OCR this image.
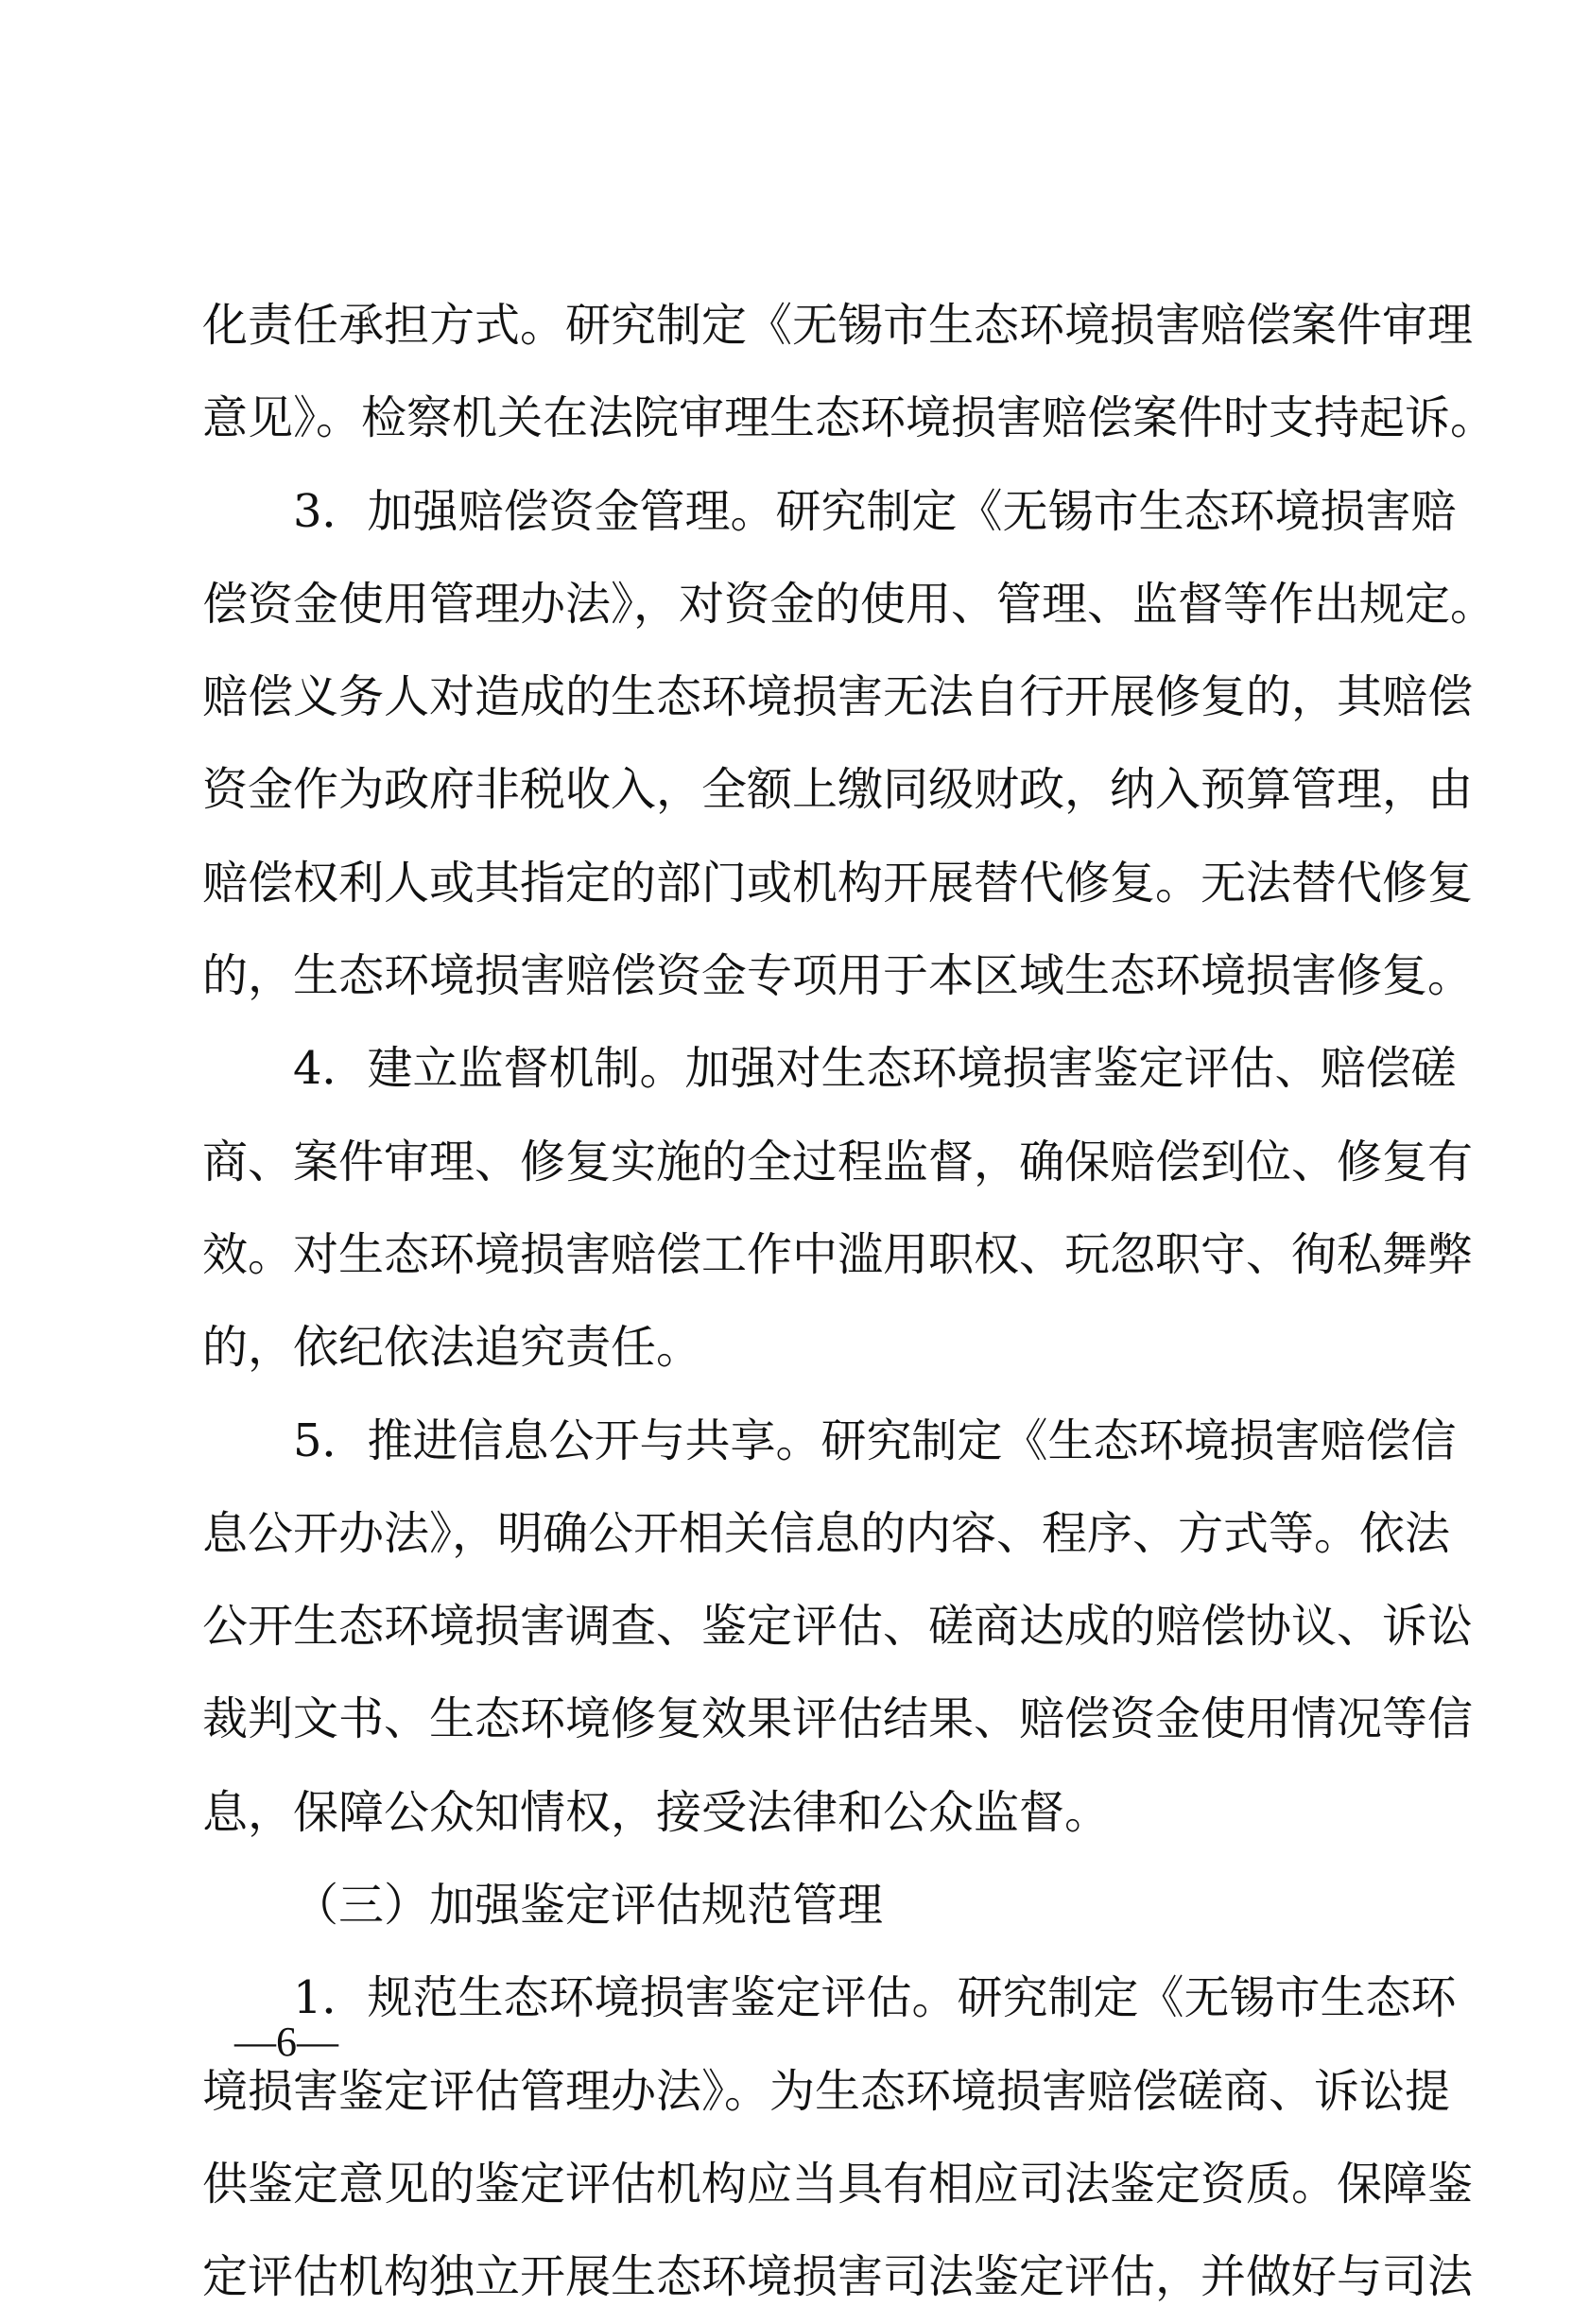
化责任承担方式。研究制定《无锡市生态环境损害赔偿案件审理
意见》。检察机关在法院审理生态环境损害赔偿案件时支持起诉。
3．加强赔偿资金管理。研究制定《无锡市生态环境损害赔
偿资金使用管理办法》，对资金的使用、管理、监督等作出规定。
赔偿义务人对造成的生态环境损害无法自行开展修复的，其赔偿
资金作为政府非税收入，全额上缴同级财政，纳入预算管理，由
赔偿权利人或其指定的部门或机构开展替代修复。无法替代修复
的，生态环境损害赔偿资金专项用于本区域生态环境损害修复。
4．建立监督机制。加强对生态环境损害鉴定评估、赔偿磋
商、案件审理、修复实施的全过程监督，确保赔偿到位、修复有
效。对生态环境损害赔偿工作中滥用职权、玩忽职守、徇私舞弊
的，依纪依法追究责任。
5．推进信息公开与共享。研究制定《生态环境损害赔偿信
息公开办法》，明确公开相关信息的内容、程序、方式等。依法
公开生态环境损害调查、鉴定评估、磋商达成的赔偿协议、诉讼
裁判文书、生态环境修复效果评估结果、赔偿资金使用情况等信
息，保障公众知情权，接受法律和公众监督。
（三）加强鉴定评估规范管理
1．规范生态环境损害鉴定评估。研究制定《无锡市生态环
境损害鉴定评估管理办法》。为生态环境损害赔偿磋商、诉讼提
供鉴定意见的鉴定评估机构应当具有相应司法鉴定资质。保障鉴
定评估机构独立开展生态环境损害司法鉴定评估，并做好与司法
—6—
